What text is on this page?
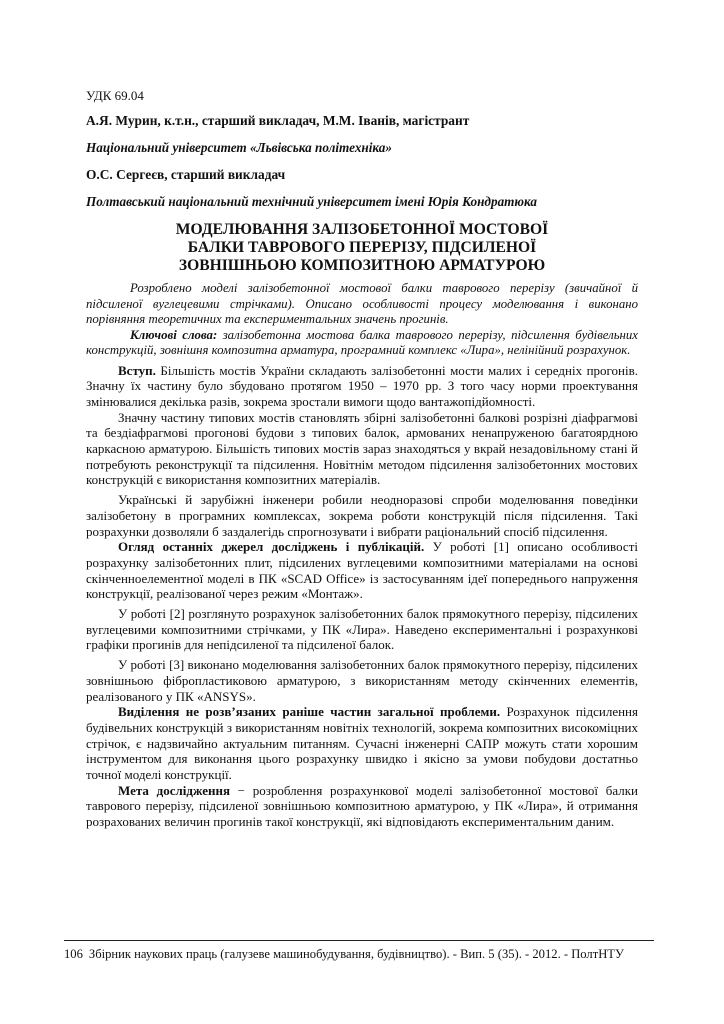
УДК 69.04
А.Я. Мурин, к.т.н., старший викладач, М.М. Іванів, магістрант
Національний університет «Львівська політехніка»
О.С. Сергеєв, старший викладач
Полтавський національний технічний університет імені Юрія Кондратюка
МОДЕЛЮВАННЯ ЗАЛІЗОБЕТОННОЇ МОСТОВОЇ
БАЛКИ ТАВРОВОГО ПЕРЕРІЗУ, ПІДСИЛЕНОЇ
ЗОВНІШНЬОЮ КОМПОЗИТНОЮ АРМАТУРОЮ

Розроблено моделі залізобетонної мостової балки таврового перерізу (звичайної й підсиленої вуглецевими стрічками). Описано особливості процесу моделювання і виконано порівняння теоретичних та експериментальних значень прогинів.

Ключові слова: залізобетонна мостова балка таврового перерізу, підсилення будівельних конструкцій, зовнішня композитна арматура, програмний комплекс «Лира», нелінійний розрахунок.

Вступ. Більшість мостів України складають залізобетонні мости малих і середніх прогонів. Значну їх частину було збудовано протягом 1950 – 1970 рр. З того часу норми проектування змінювалися декілька разів, зокрема зростали вимоги щодо вантажопідйомності.

Значну частину типових мостів становлять збірні залізобетонні балкові розрізні діафрагмові та бездіафрагмові прогонові будови з типових балок, армованих ненапруженою багатоярдною каркасною арматурою. Більшість типових мостів зараз знаходяться у вкрай незадовільному стані й потребують реконструкції та підсилення. Новітнім методом підсилення залізобетонних мостових конструкцій є використання композитних матеріалів.

Українські й зарубіжні інженери робили неодноразові спроби моделювання поведінки залізобетону в програмних комплексах, зокрема роботи конструкцій після підсилення. Такі розрахунки дозволяли б заздалегідь спрогнозувати і вибрати раціональний спосіб підсилення.

Огляд останніх джерел досліджень і публікацій. У роботі [1] описано особливості розрахунку залізобетонних плит, підсилених вуглецевими композитними матеріалами на основі скінченноелементної моделі в ПК «SCAD Office» із застосуванням ідеї попереднього напруження конструкції, реалізованої через режим «Монтаж».

У роботі [2] розглянуто розрахунок залізобетонних балок прямокутного перерізу, підсилених вуглецевими композитними стрічками, у ПК «Лира». Наведено експериментальні і розрахункові графіки прогинів для непідсиленої та підсиленої балок.

У роботі [3] виконано моделювання залізобетонних балок прямокутного перерізу, підсилених зовнішньою фібропластиковою арматурою, з використанням методу скінченних елементів, реалізованого у ПК «ANSYS».

Виділення не розв’язаних раніше частин загальної проблеми. Розрахунок підсилення будівельних конструкцій з використанням новітніх технологій, зокрема композитних високоміцних стрічок, є надзвичайно актуальним питанням. Сучасні інженерні САПР можуть стати хорошим інструментом для виконання цього розрахунку швидко і якісно за умови побудови достатньо точної моделі конструкції.

Мета дослідження − розроблення розрахункової моделі залізобетонної мостової балки таврового перерізу, підсиленої зовнішньою композитною арматурою, у ПК «Лира», й отримання розрахованих величин прогинів такої конструкції, які відповідають експериментальним даним.

106 Збірник наукових праць (галузеве машинобудування, будівництво). - Вип. 5 (35). - 2012. - ПолтНТУ
